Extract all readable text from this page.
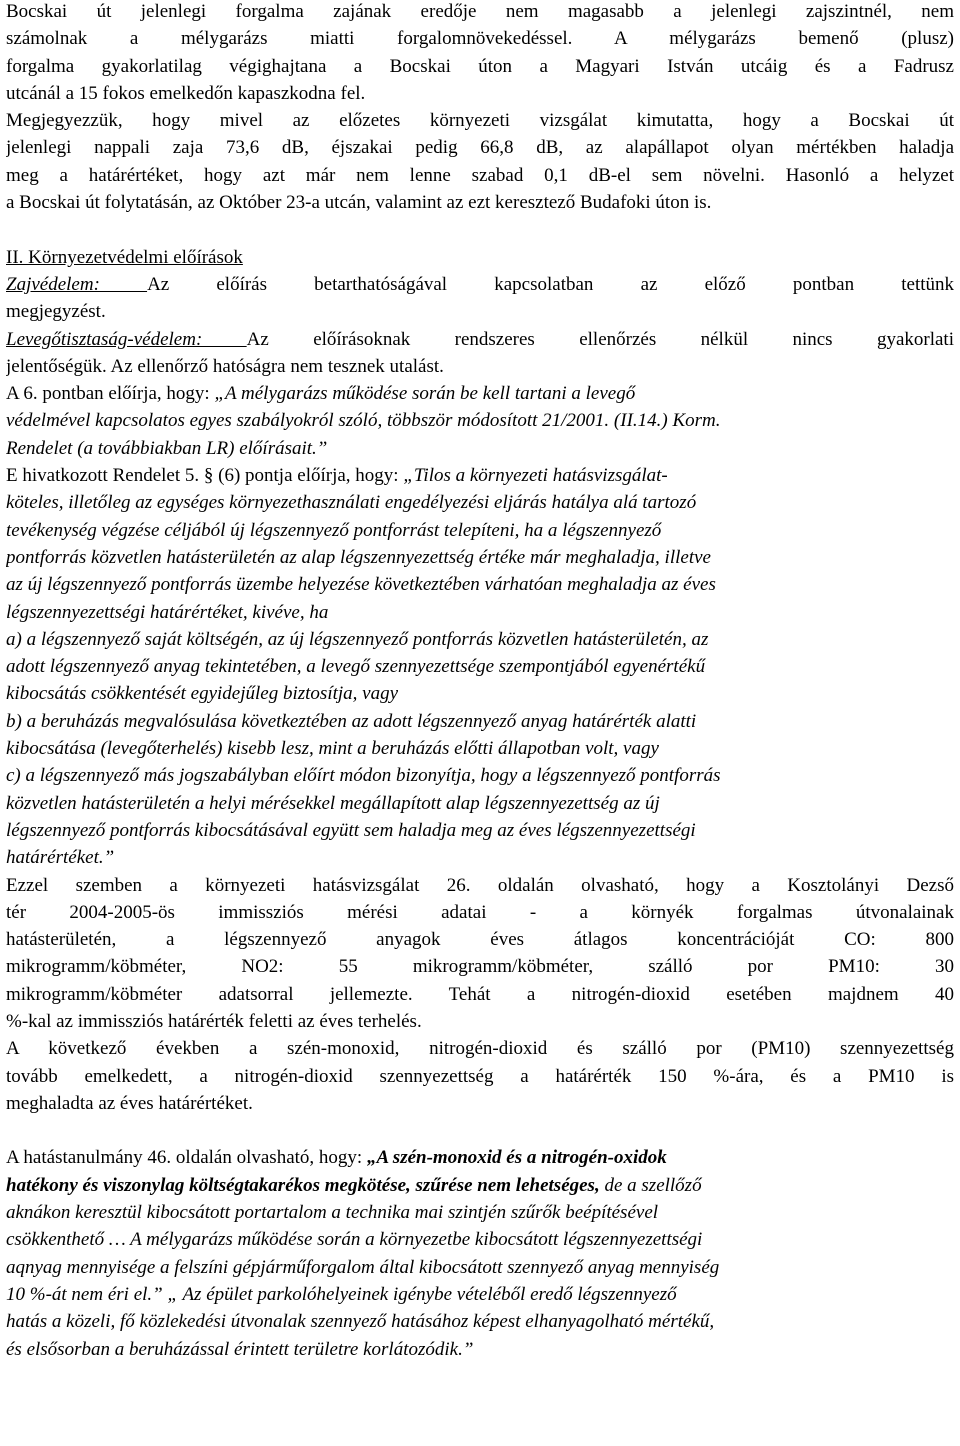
Bocskai út jelenlegi forgalma zajának eredője nem magasabb a jelenlegi zajszintnél, nem
számolnak a mélygarázs miatti forgalomnövekedéssel. A mélygarázs bemenő (plusz)
forgalma gyakorlatilag végighajtana a Bocskai úton a Magyari István utcáig és a Fadrusz
utcánál a 15 fokos emelkedőn kapaszkodna fel.
Megjegyezzük, hogy mivel az előzetes környezeti vizsgálat kimutatta, hogy a Bocskai út
jelenlegi nappali zaja 73,6 dB, éjszakai pedig 66,8 dB, az alapállapot olyan mértékben haladja
meg a határértéket, hogy azt már nem lenne szabad 0,1 dB-el sem növelni. Hasonló a helyzet
a Bocskai út folytatásán, az Október 23-a utcán, valamint az ezt keresztező Budafoki úton is.
II. Környezetvédelmi előírások
Zajvédelem: Az előírás betarthatóságával kapcsolatban az előző pontban tettünk
megjegyzést.
Levegőtisztaság-védelem: Az előírásoknak rendszeres ellenőrzés nélkül nincs gyakorlati
jelentőségük. Az ellenőrző hatóságra nem tesznek utalást.
A 6. pontban előírja, hogy: „A mélygarázs működése során be kell tartani a levegő
védelmével kapcsolatos egyes szabályokról szóló, többször módosított 21/2001. (II.14.) Korm.
Rendelet (a továbbiakban LR) előírásait.”
E hivatkozott Rendelet 5. § (6) pontja előírja, hogy: „Tilos a környezeti hatásvizsgálat-
köteles, illetőleg az egységes környezethasználati engedélyezési eljárás hatálya alá tartozó
tevékenység végzése céljából új légszennyező pontforrást telepíteni, ha a légszennyező
pontforrás közvetlen hatásterületén az alap légszennyezettség értéke már meghaladja, illetve
az új légszennyező pontforrás üzembe helyezése következtében várhatóan meghaladja az éves
légszennyezettségi határértéket, kivéve, ha
a) a légszennyező saját költségén, az új légszennyező pontforrás közvetlen hatásterületén, az
adott légszennyező anyag tekintetében, a levegő szennyezettsége szempontjából egyenértékű
kibocsátás csökkentését egyidejűleg biztosítja, vagy
b) a beruházás megvalósulása következtében az adott légszennyező anyag határérték alatti
kibocsátása (levegőterhelés) kisebb lesz, mint a beruházás előtti állapotban volt, vagy
c) a légszennyező más jogszabályban előírt módon bizonyítja, hogy a légszennyező pontforrás
közvetlen hatásterületén a helyi mérésekkel megállapított alap légszennyezettség az új
légszennyező pontforrás kibocsátásával együtt sem haladja meg az éves légszennyezettségi
határértéket.”
Ezzel szemben a környezeti hatásvizsgálat 26. oldalán olvasható, hogy a Kosztolányi Dezső
tér 2004-2005-ös immissziós mérési adatai - a környék forgalmas útvonalainak
hatásterületén, a légszennyező anyagok éves átlagos koncentrációját CO: 800
mikrogramm/köbméter, NO2: 55 mikrogramm/köbméter, szálló por PM10: 30
mikrogramm/köbméter adatsorral jellemezte. Tehát a nitrogén-dioxid esetében majdnem 40
%-kal az immissziós határérték feletti az éves terhelés.
A következő években a szén-monoxid, nitrogén-dioxid és szálló por (PM10) szennyezettség
tovább emelkedett, a nitrogén-dioxid szennyezettség a határérték 150 %-ára, és a PM10 is
meghaladta az éves határértéket.
A hatástanulmány 46. oldalán olvasható, hogy: „A szén-monoxid és a nitrogén-oxidok
hatékony és viszonylag költségtakarékos megkötése, szűrése nem lehetséges, de a szellőző
aknákon keresztül kibocsátott portartalom a technika mai szintjén szűrők beépítésével
csökkenthető … A mélygarázs működése során a környezetbe kibocsátott légszennyezettségi
aqnyag mennyisége a felszíni gépjárműforgalom által kibocsátott szennyező anyag mennyiség
10 %-át nem éri el.” „ Az épület parkolóhelyeinek igénybe vételéből eredő légszennyező
hatás a közeli, fő közlekedési útvonalak szennyező hatásához képest elhanyagolható mértékű,
és elsősorban a beruházással érintett területre korlátozódik.”
